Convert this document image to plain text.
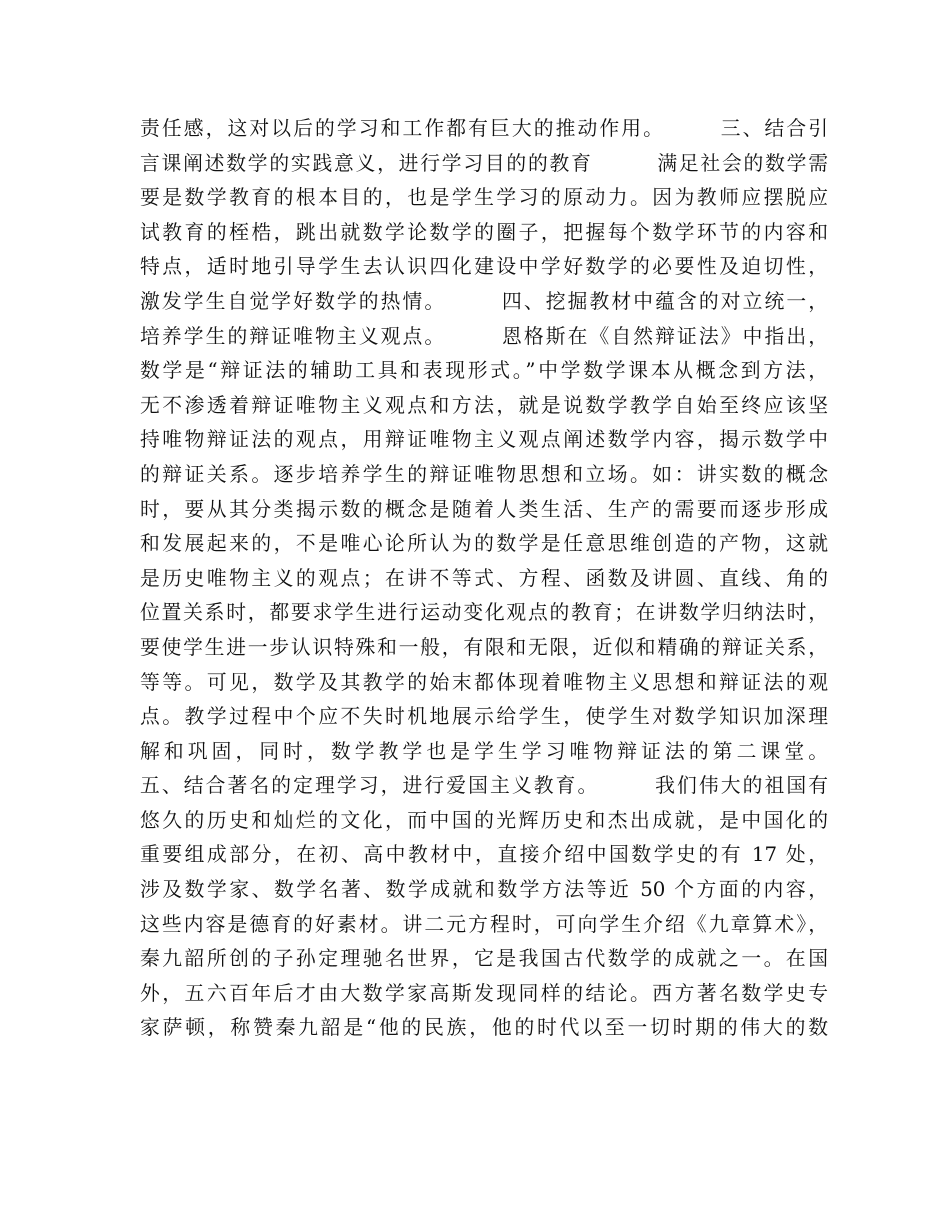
责任感，这对以后的学习和工作都有巨大的推动作用。　　　三、结合引
言课阐述数学的实践意义，进行学习目的的教育　　　满足社会的数学需
要是数学教育的根本目的，也是学生学习的原动力。因为教师应摆脱应
试教育的桎梏，跳出就数学论数学的圈子，把握每个数学环节的内容和
特点，适时地引导学生去认识四化建设中学好数学的必要性及迫切性，
激发学生自觉学好数学的热情。　　　四、挖掘教材中蕴含的对立统一，
培养学生的辩证唯物主义观点。　　　恩格斯在《自然辩证法》中指出，
数学是“辩证法的辅助工具和表现形式。”中学数学课本从概念到方法，
无不渗透着辩证唯物主义观点和方法，就是说数学教学自始至终应该坚
持唯物辩证法的观点，用辩证唯物主义观点阐述数学内容，揭示数学中
的辩证关系。逐步培养学生的辩证唯物思想和立场。如：讲实数的概念
时，要从其分类揭示数的概念是随着人类生活、生产的需要而逐步形成
和发展起来的，不是唯心论所认为的数学是任意思维创造的产物，这就
是历史唯物主义的观点；在讲不等式、方程、函数及讲圆、直线、角的
位置关系时，都要求学生进行运动变化观点的教育；在讲数学归纳法时，
要使学生进一步认识特殊和一般，有限和无限，近似和精确的辩证关系，
等等。可见，数学及其教学的始末都体现着唯物主义思想和辩证法的观
点。教学过程中个应不失时机地展示给学生，使学生对数学知识加深理
解和巩固，同时，数学教学也是学生学习唯物辩证法的第二课堂。
五、结合著名的定理学习，进行爱国主义教育。　　　我们伟大的祖国有
悠久的历史和灿烂的文化，而中国的光辉历史和杰出成就，是中国化的
重要组成部分，在初、高中教材中，直接介绍中国数学史的有 17 处，
涉及数学家、数学名著、数学成就和数学方法等近 50 个方面的内容，
这些内容是德育的好素材。讲二元方程时，可向学生介绍《九章算术》，
秦九韶所创的子孙定理驰名世界，它是我国古代数学的成就之一。在国
外，五六百年后才由大数学家高斯发现同样的结论。西方著名数学史专
家萨顿，称赞秦九韶是“他的民族，他的时代以至一切时期的伟大的数
